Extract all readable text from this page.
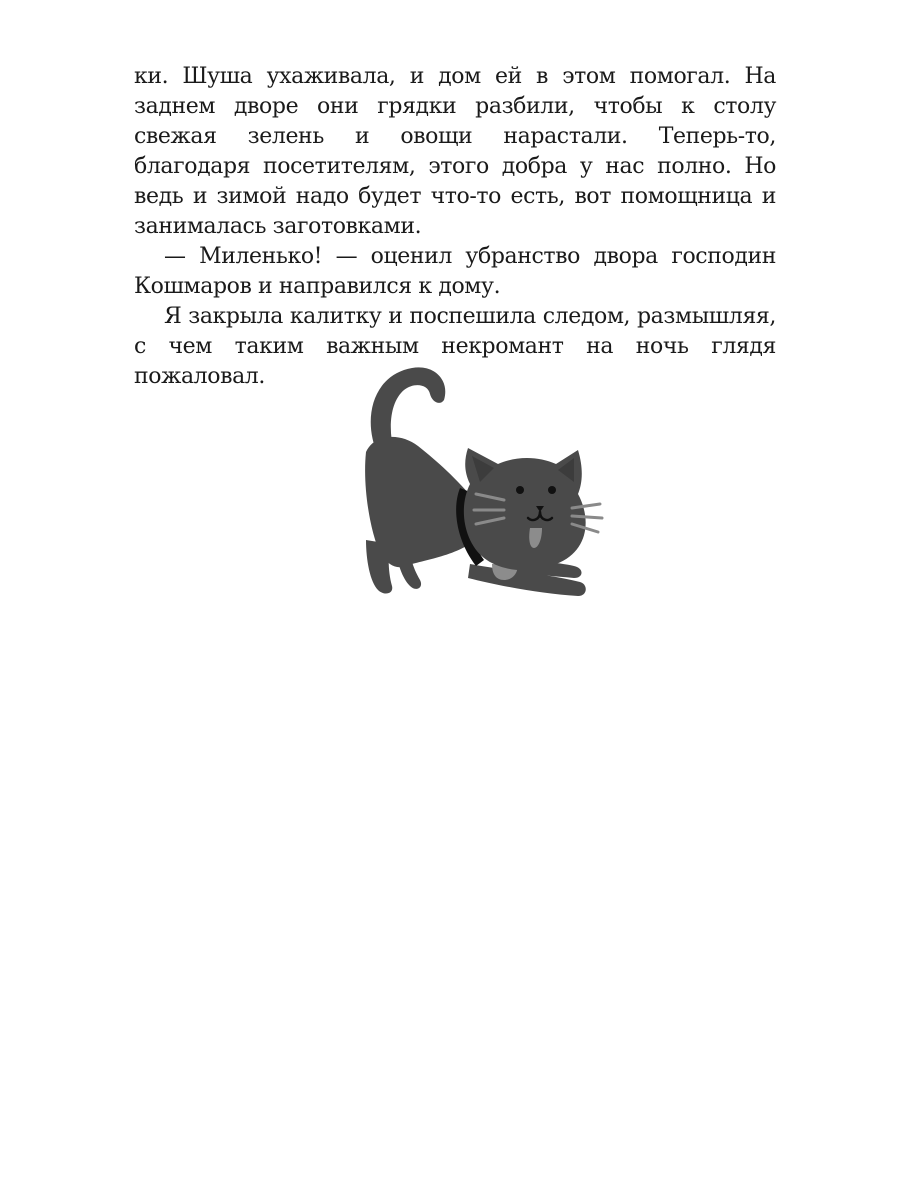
ки. Шуша ухаживала, и дом ей в этом помогал. На заднем дворе они грядки разбили, чтобы к столу свежая зелень и овощи нарастали. Теперь-то, благодаря посетителям, этого добра у нас полно. Но ведь и зимой надо будет что-то есть, вот помощница и занималась заготовками.

— Миленько! — оценил убранство двора господин Кошмаров и направился к дому.

Я закрыла калитку и поспешила следом, размышляя, с чем таким важным некромант на ночь глядя пожаловал.
